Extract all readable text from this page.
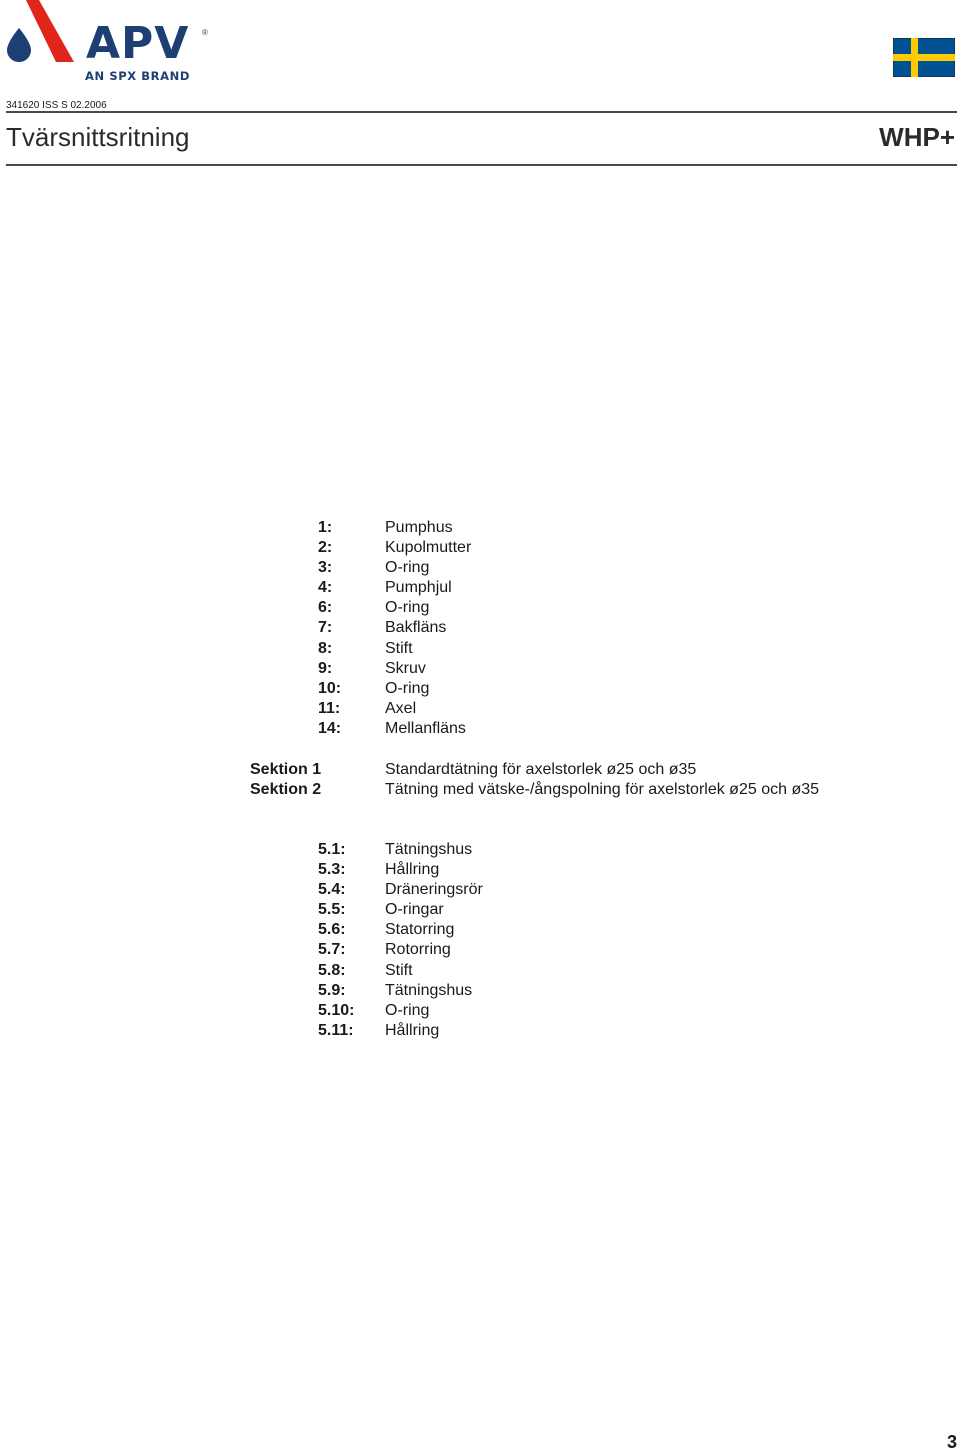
APV ®
AN SPX BRAND
341620 ISS S 02.2006
Tvärsnittsritning	WHP+
1:	Pumphus
2:	Kupolmutter
3:	O-ring
4:	Pumphjul
6:	O-ring
7:	Bakfläns
8:	Stift
9:	Skruv
10:	O-ring
11:	Axel
14:	Mellanfläns
Sektion 1	Standardtätning för axelstorlek ø25 och ø35
Sektion 2	Tätning med vätske-/ångspolning för axelstorlek ø25 och ø35
5.1: Tätningshus
5.3: Hållring
5.4: Dräneringsrör
5.5: O-ringar
5.6: Statorring
5.7: Rotorring
5.8: Stift
5.9: Tätningshus
5.10: O-ring
5.11: Hållring
3
